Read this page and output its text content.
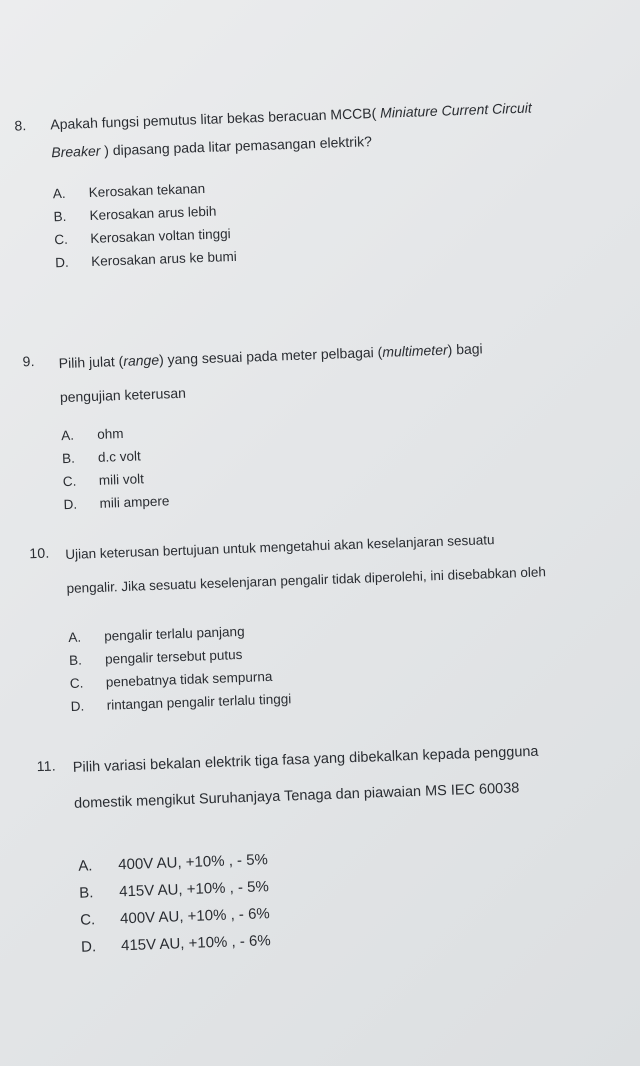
8. Apakah fungsi pemutus litar bekas beracuan MCCB( Miniature Current Circuit
Breaker ) dipasang pada litar pemasangan elektrik?
A.	Kerosakan tekanan
B.	Kerosakan arus lebih
C.	Kerosakan voltan tinggi
D.	Kerosakan arus ke bumi
9. Pilih julat (range) yang sesuai pada meter pelbagai (multimeter) bagi
pengujian keterusan
A.	ohm
B.	d.c volt
C.	mili volt
D.	mili ampere
10. Ujian keterusan bertujuan untuk mengetahui akan keselanjaran sesuatu
pengalir. Jika sesuatu keselenjaran pengalir tidak diperolehi, ini disebabkan oleh
A.	pengalir terlalu panjang
B.	pengalir tersebut putus
C.	penebatnya tidak sempurna
D.	rintangan pengalir terlalu tinggi
11. Pilih variasi bekalan elektrik tiga fasa yang dibekalkan kepada pengguna
domestik mengikut Suruhanjaya Tenaga dan piawaian MS IEC 60038
A.	400V AU, +10% , - 5%
B.	415V AU, +10% , - 5%
C.	400V AU, +10% , - 6%
D.	415V AU, +10% , - 6%
